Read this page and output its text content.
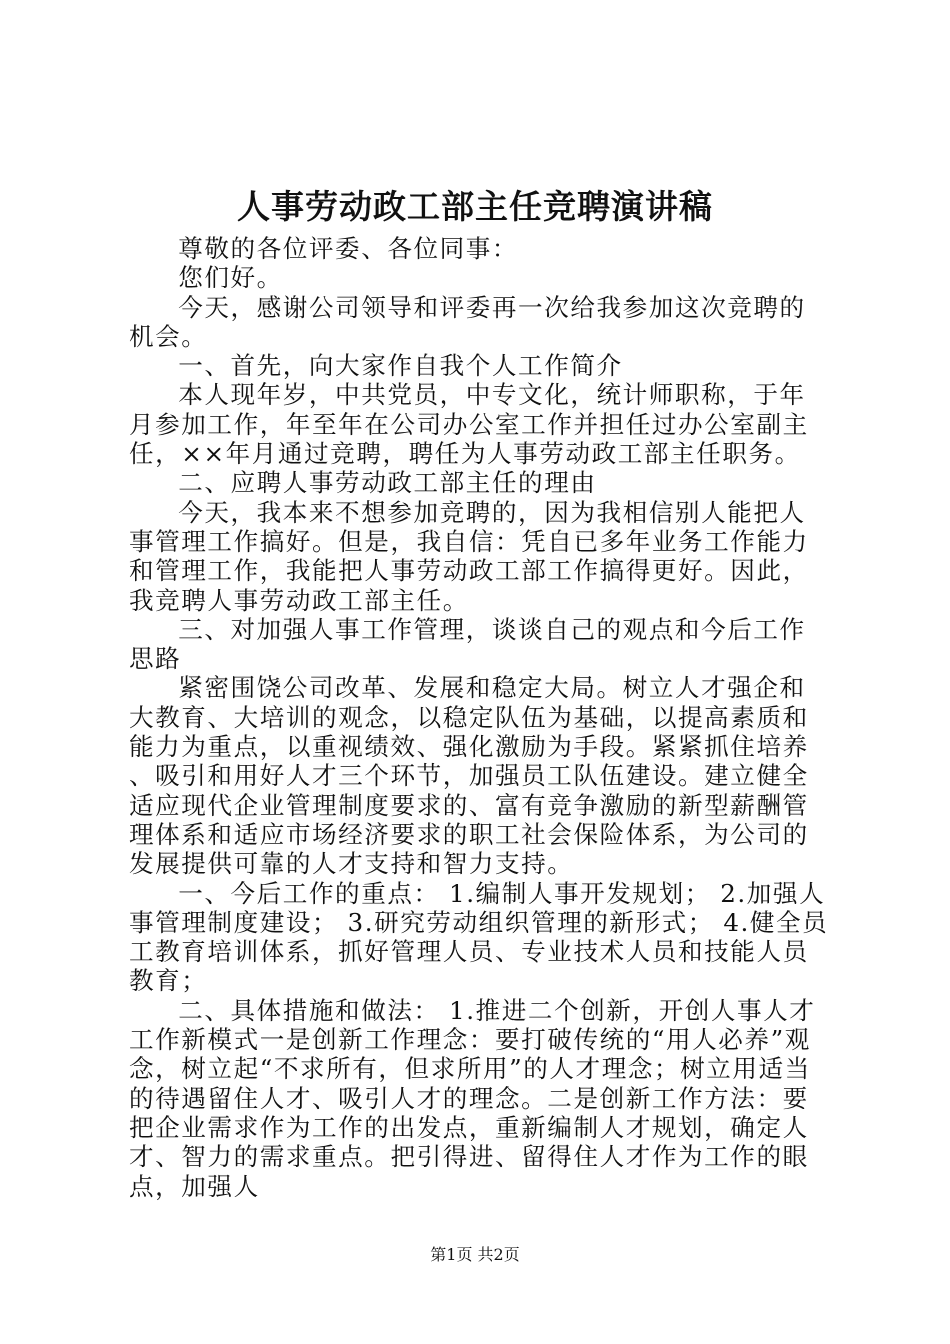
人事劳动政工部主任竞聘演讲稿

尊敬的各位评委、各位同事：

您们好。

今天，感谢公司领导和评委再一次给我参加这次竞聘的机会。

一、首先，向大家作自我个人工作简介

本人现年岁，中共党员，中专文化，统计师职称，于年月参加工作，年至年在公司办公室工作并担任过办公室副主任，××年月通过竞聘，聘任为人事劳动政工部主任职务。

二、应聘人事劳动政工部主任的理由

今天，我本来不想参加竞聘的，因为我相信别人能把人事管理工作搞好。但是，我自信：凭自已多年业务工作能力和管理工作，我能把人事劳动政工部工作搞得更好。因此，我竞聘人事劳动政工部主任。

三、对加强人事工作管理，谈谈自己的观点和今后工作思路

紧密围饶公司改革、发展和稳定大局。树立人才强企和大教育、大培训的观念，以稳定队伍为基础，以提高素质和能力为重点，以重视绩效、强化激励为手段。紧紧抓住培养、吸引和用好人才三个环节，加强员工队伍建设。建立健全适应现代企业管理制度要求的、富有竞争激励的新型薪酬管理体系和适应市场经济要求的职工社会保险体系，为公司的发展提供可靠的人才支持和智力支持。

一、今后工作的重点： 1.编制人事开发规划； 2.加强人事管理制度建设； 3.研究劳动组织管理的新形式； 4.健全员工教育培训体系，抓好管理人员、专业技术人员和技能人员教育；

二、具体措施和做法： 1.推进二个创新，开创人事人才工作新模式一是创新工作理念：要打破传统的“用人必养”观念，树立起“不求所有，但求所用”的人才理念；树立用适当的待遇留住人才、吸引人才的理念。二是创新工作方法：要把企业需求作为工作的出发点，重新编制人才规划，确定人才、智力的需求重点。把引得进、留得住人才作为工作的眼点，加强人

第1页 共2页
